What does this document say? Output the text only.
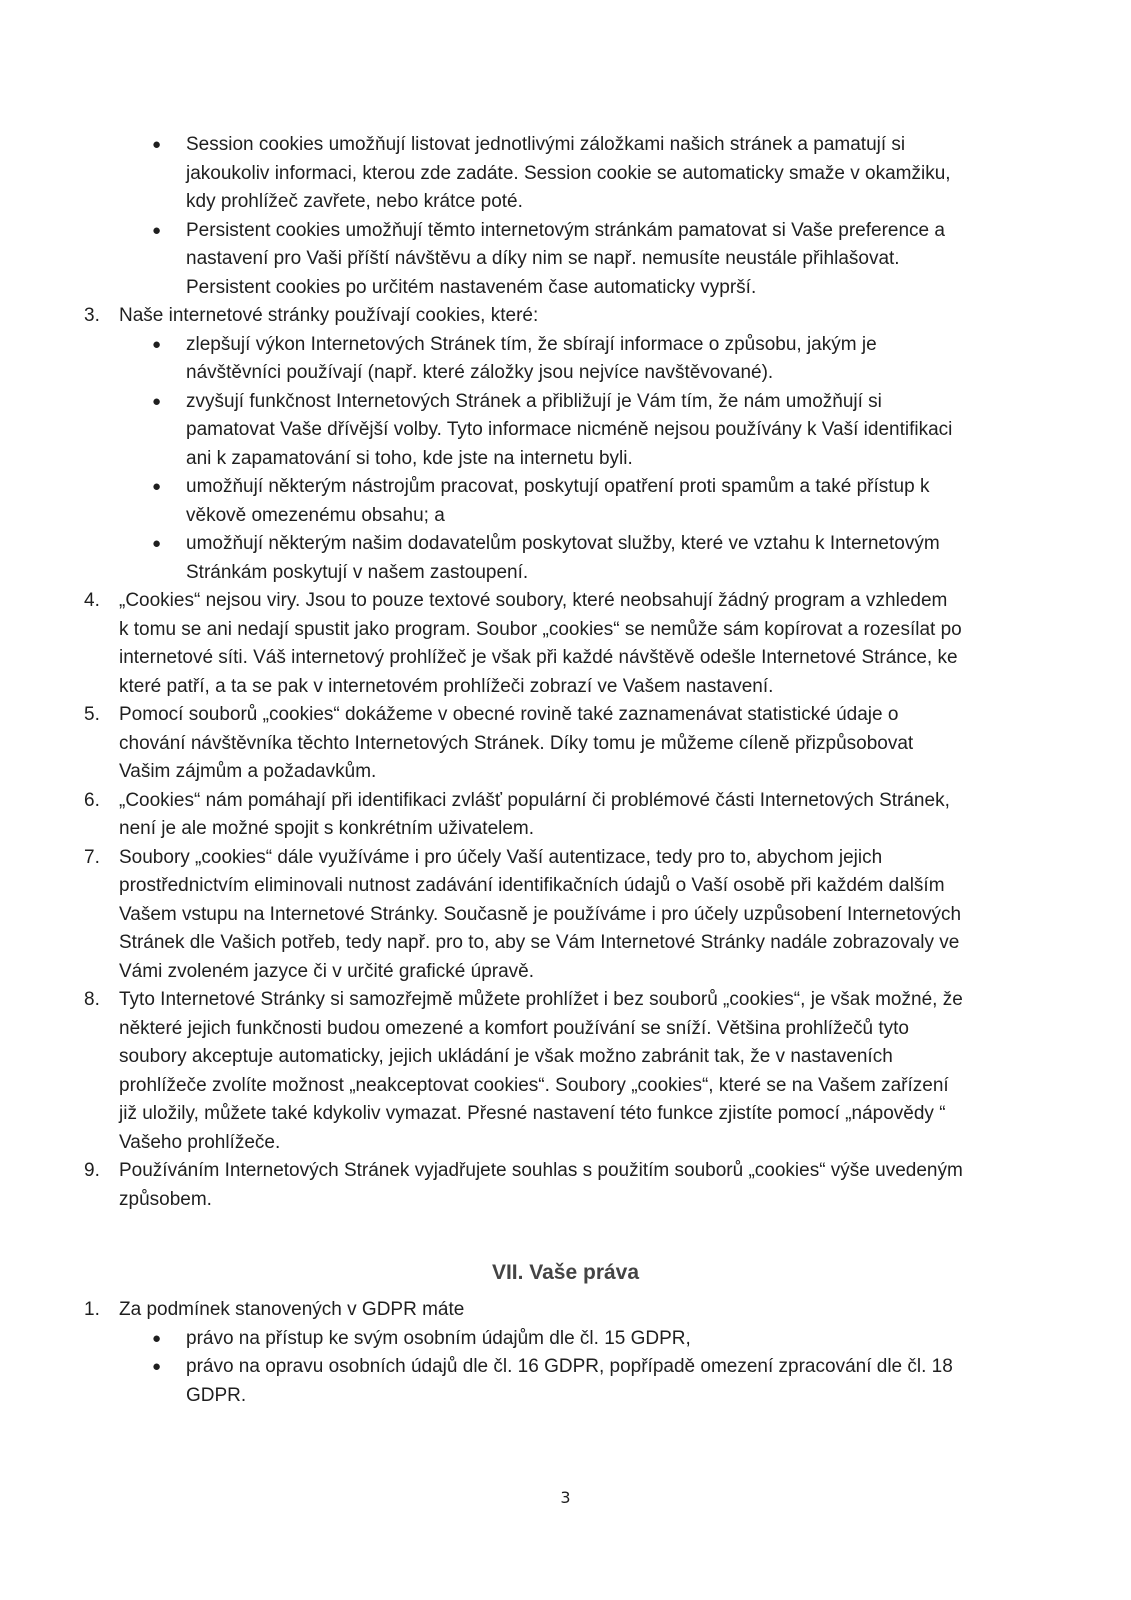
● Session cookies umožňují listovat jednotlivými záložkami našich stránek a pamatují si
jakoukoliv informaci, kterou zde zadáte. Session cookie se automaticky smaže v okamžiku,
kdy prohlížeč zavřete, nebo krátce poté.
● Persistent cookies umožňují těmto internetovým stránkám pamatovat si Vaše preference a
nastavení pro Vaši příští návštěvu a díky nim se např. nemusíte neustále přihlašovat.
Persistent cookies po určitém nastaveném čase automaticky vyprší.
3. Naše internetové stránky používají cookies, které:
● zlepšují výkon Internetových Stránek tím, že sbírají informace o způsobu, jakým je
návštěvníci používají (např. které záložky jsou nejvíce navštěvované).
● zvyšují funkčnost Internetových Stránek a přibližují je Vám tím, že nám umožňují si
pamatovat Vaše dřívější volby. Tyto informace nicméně nejsou používány k Vaší identifikaci
ani k zapamatování si toho, kde jste na internetu byli.
● umožňují některým nástrojům pracovat, poskytují opatření proti spamům a také přístup k
věkově omezenému obsahu; a
● umožňují některým našim dodavatelům poskytovat služby, které ve vztahu k Internetovým
Stránkám poskytují v našem zastoupení.
4. „Cookies“ nejsou viry. Jsou to pouze textové soubory, které neobsahují žádný program a vzhledem
k tomu se ani nedají spustit jako program. Soubor „cookies“ se nemůže sám kopírovat a rozesílat po
internetové síti. Váš internetový prohlížeč je však při každé návštěvě odešle Internetové Stránce, ke
které patří, a ta se pak v internetovém prohlížeči zobrazí ve Vašem nastavení.
5. Pomocí souborů „cookies“ dokážeme v obecné rovině také zaznamenávat statistické údaje o
chování návštěvníka těchto Internetových Stránek. Díky tomu je můžeme cíleně přizpůsobovat
Vašim zájmům a požadavkům.
6. „Cookies“ nám pomáhají při identifikaci zvlášť populární či problémové části Internetových Stránek,
není je ale možné spojit s konkrétním uživatelem.
7. Soubory „cookies“ dále využíváme i pro účely Vaší autentizace, tedy pro to, abychom jejich
prostřednictvím eliminovali nutnost zadávání identifikačních údajů o Vaší osobě při každém dalším
Vašem vstupu na Internetové Stránky. Současně je používáme i pro účely uzpůsobení Internetových
Stránek dle Vašich potřeb, tedy např. pro to, aby se Vám Internetové Stránky nadále zobrazovaly ve
Vámi zvoleném jazyce či v určité grafické úpravě.
8. Tyto Internetové Stránky si samozřejmě můžete prohlížet i bez souborů „cookies“, je však možné, že
některé jejich funkčnosti budou omezené a komfort používání se sníží. Většina prohlížečů tyto
soubory akceptuje automaticky, jejich ukládání je však možno zabránit tak, že v nastaveních
prohlížeče zvolíte možnost „neakceptovat cookies“. Soubory „cookies“, které se na Vašem zařízení
již uložily, můžete také kdykoliv vymazat. Přesné nastavení této funkce zjistíte pomocí „nápovědy “
Vašeho prohlížeče.
9. Používáním Internetových Stránek vyjadřujete souhlas s použitím souborů „cookies“ výše uvedeným
způsobem.
1. Za podmínek stanovených v GDPR máte
● právo na přístup ke svým osobním údajům dle čl. 15 GDPR,
● právo na opravu osobních údajů dle čl. 16 GDPR, popřípadě omezení zpracování dle čl. 18
GDPR.
VII. Vaše práva
3
